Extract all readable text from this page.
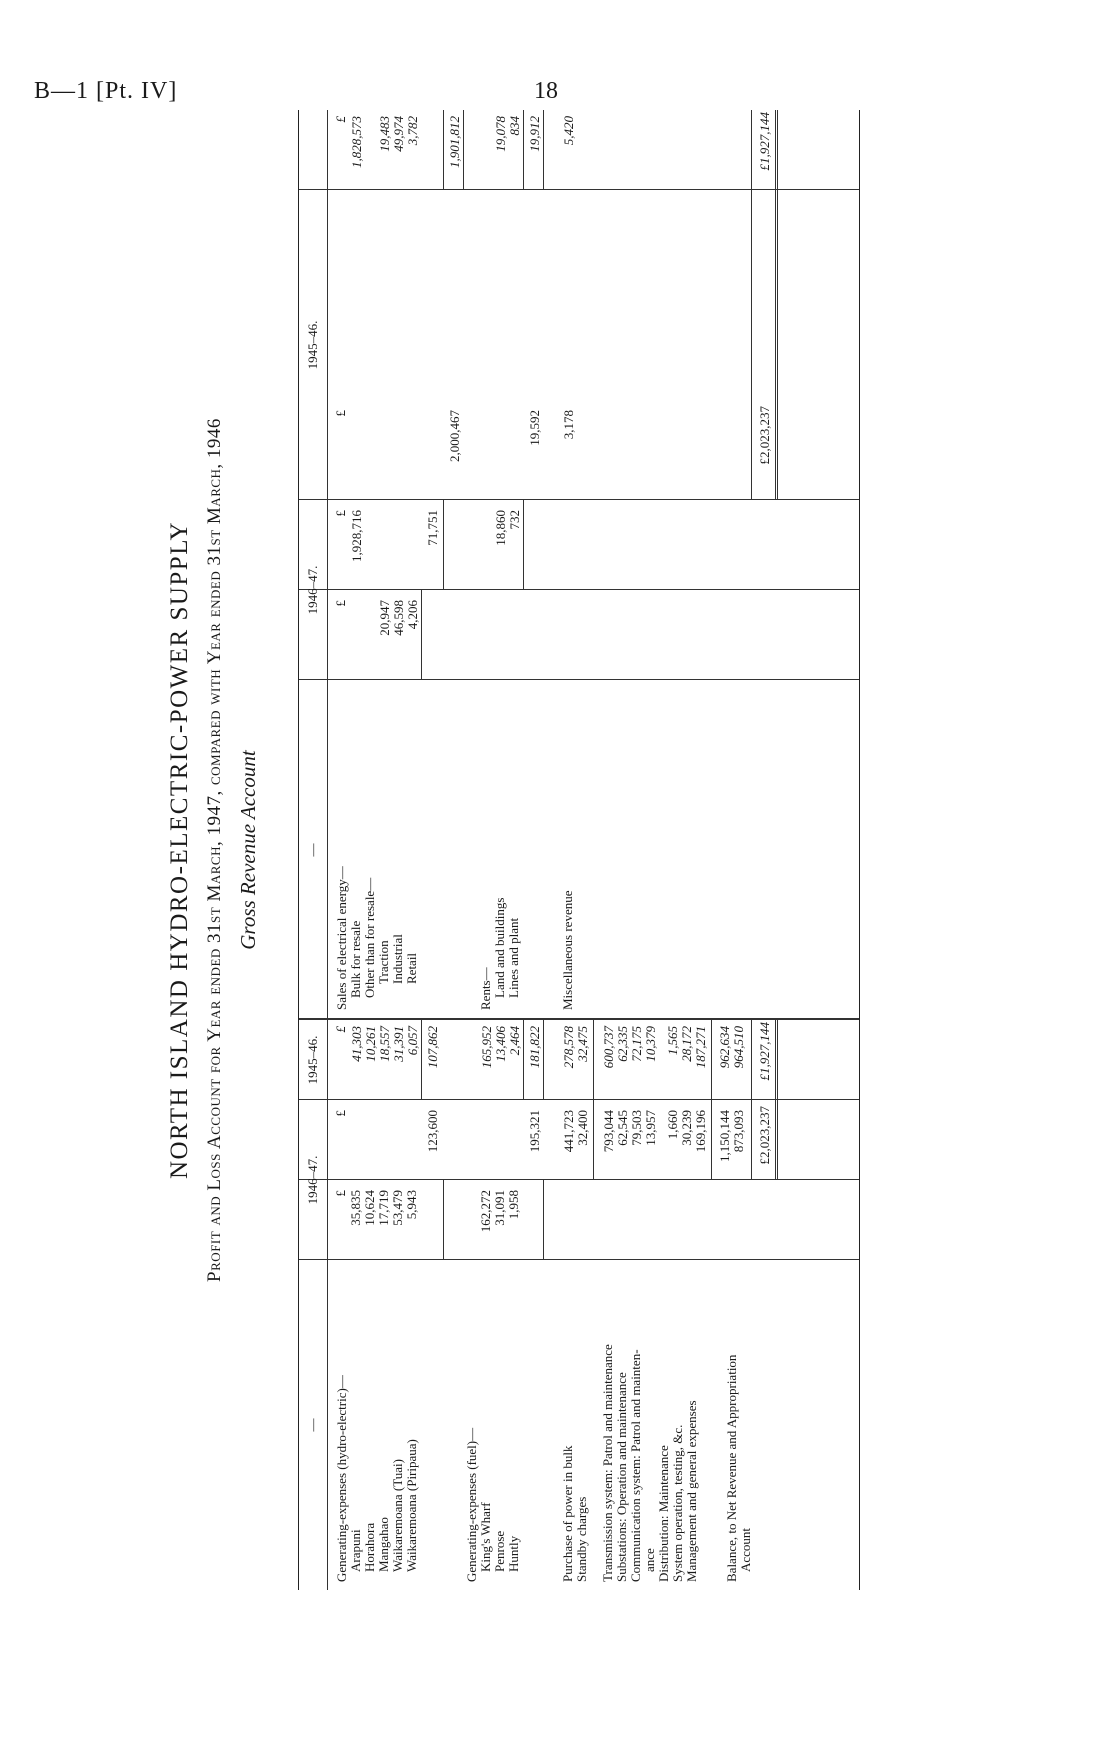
B—1 [Pt. IV]	18
NORTH ISLAND HYDRO-ELECTRIC-POWER SUPPLY Profit and Loss Account for Year ended 31st March, 1947, compared with Year ended 31st March, 1946 Gross Revenue Account
—
1946–47.
1945–46.
—
1946–47.
1945–46.
£
£
£
£
£
£
£
Generating-expenses (hydro-electric)— Arapuni
35,835
41,303
Horahora
10,624
10,261
Mangahao
17,719
18,557
Waikaremoana (Tuai)
53,479
31,391
Waikaremoana (Piripaua)
5,943
6,057
123,600
107,862
Generating-expenses (fuel)— King's Wharf
162,272
165,952
Penrose
31,091
13,406
Huntly
1,958
2,464
195,321
181,822
Purchase of power in bulk
441,723
278,578
Standby charges
32,400
32,475
Transmission system: Patrol and maintenance
793,044
600,737
Substations: Operation and maintenance
62,545
62,335
Communication system: Patrol and mainten- ance
79,503
72,175
13,957
10,379
Distribution: Maintenance
1,660
1,565
System operation, testing, &c.
30,239
28,172
Management and general expenses
169,196
187,271
1,150,144
962,634
Balance, to Net Revenue and Appropriation Account
873,093
964,510
£2,023,237
£1,927,144
Sales of electrical energy— Bulk for resale
1,928,716
1,828,573
Other than for resale— Traction
20,947
19,483
Industrial
46,598
49,974
Retail
4,206
3,782
71,751
2,000,467
1,901,812
Rents— Land and buildings
18,860
19,078
Lines and plant
732
834
19,592
19,912
Miscellaneous revenue
3,178
5,420
£2,023,237
£1,927,144
